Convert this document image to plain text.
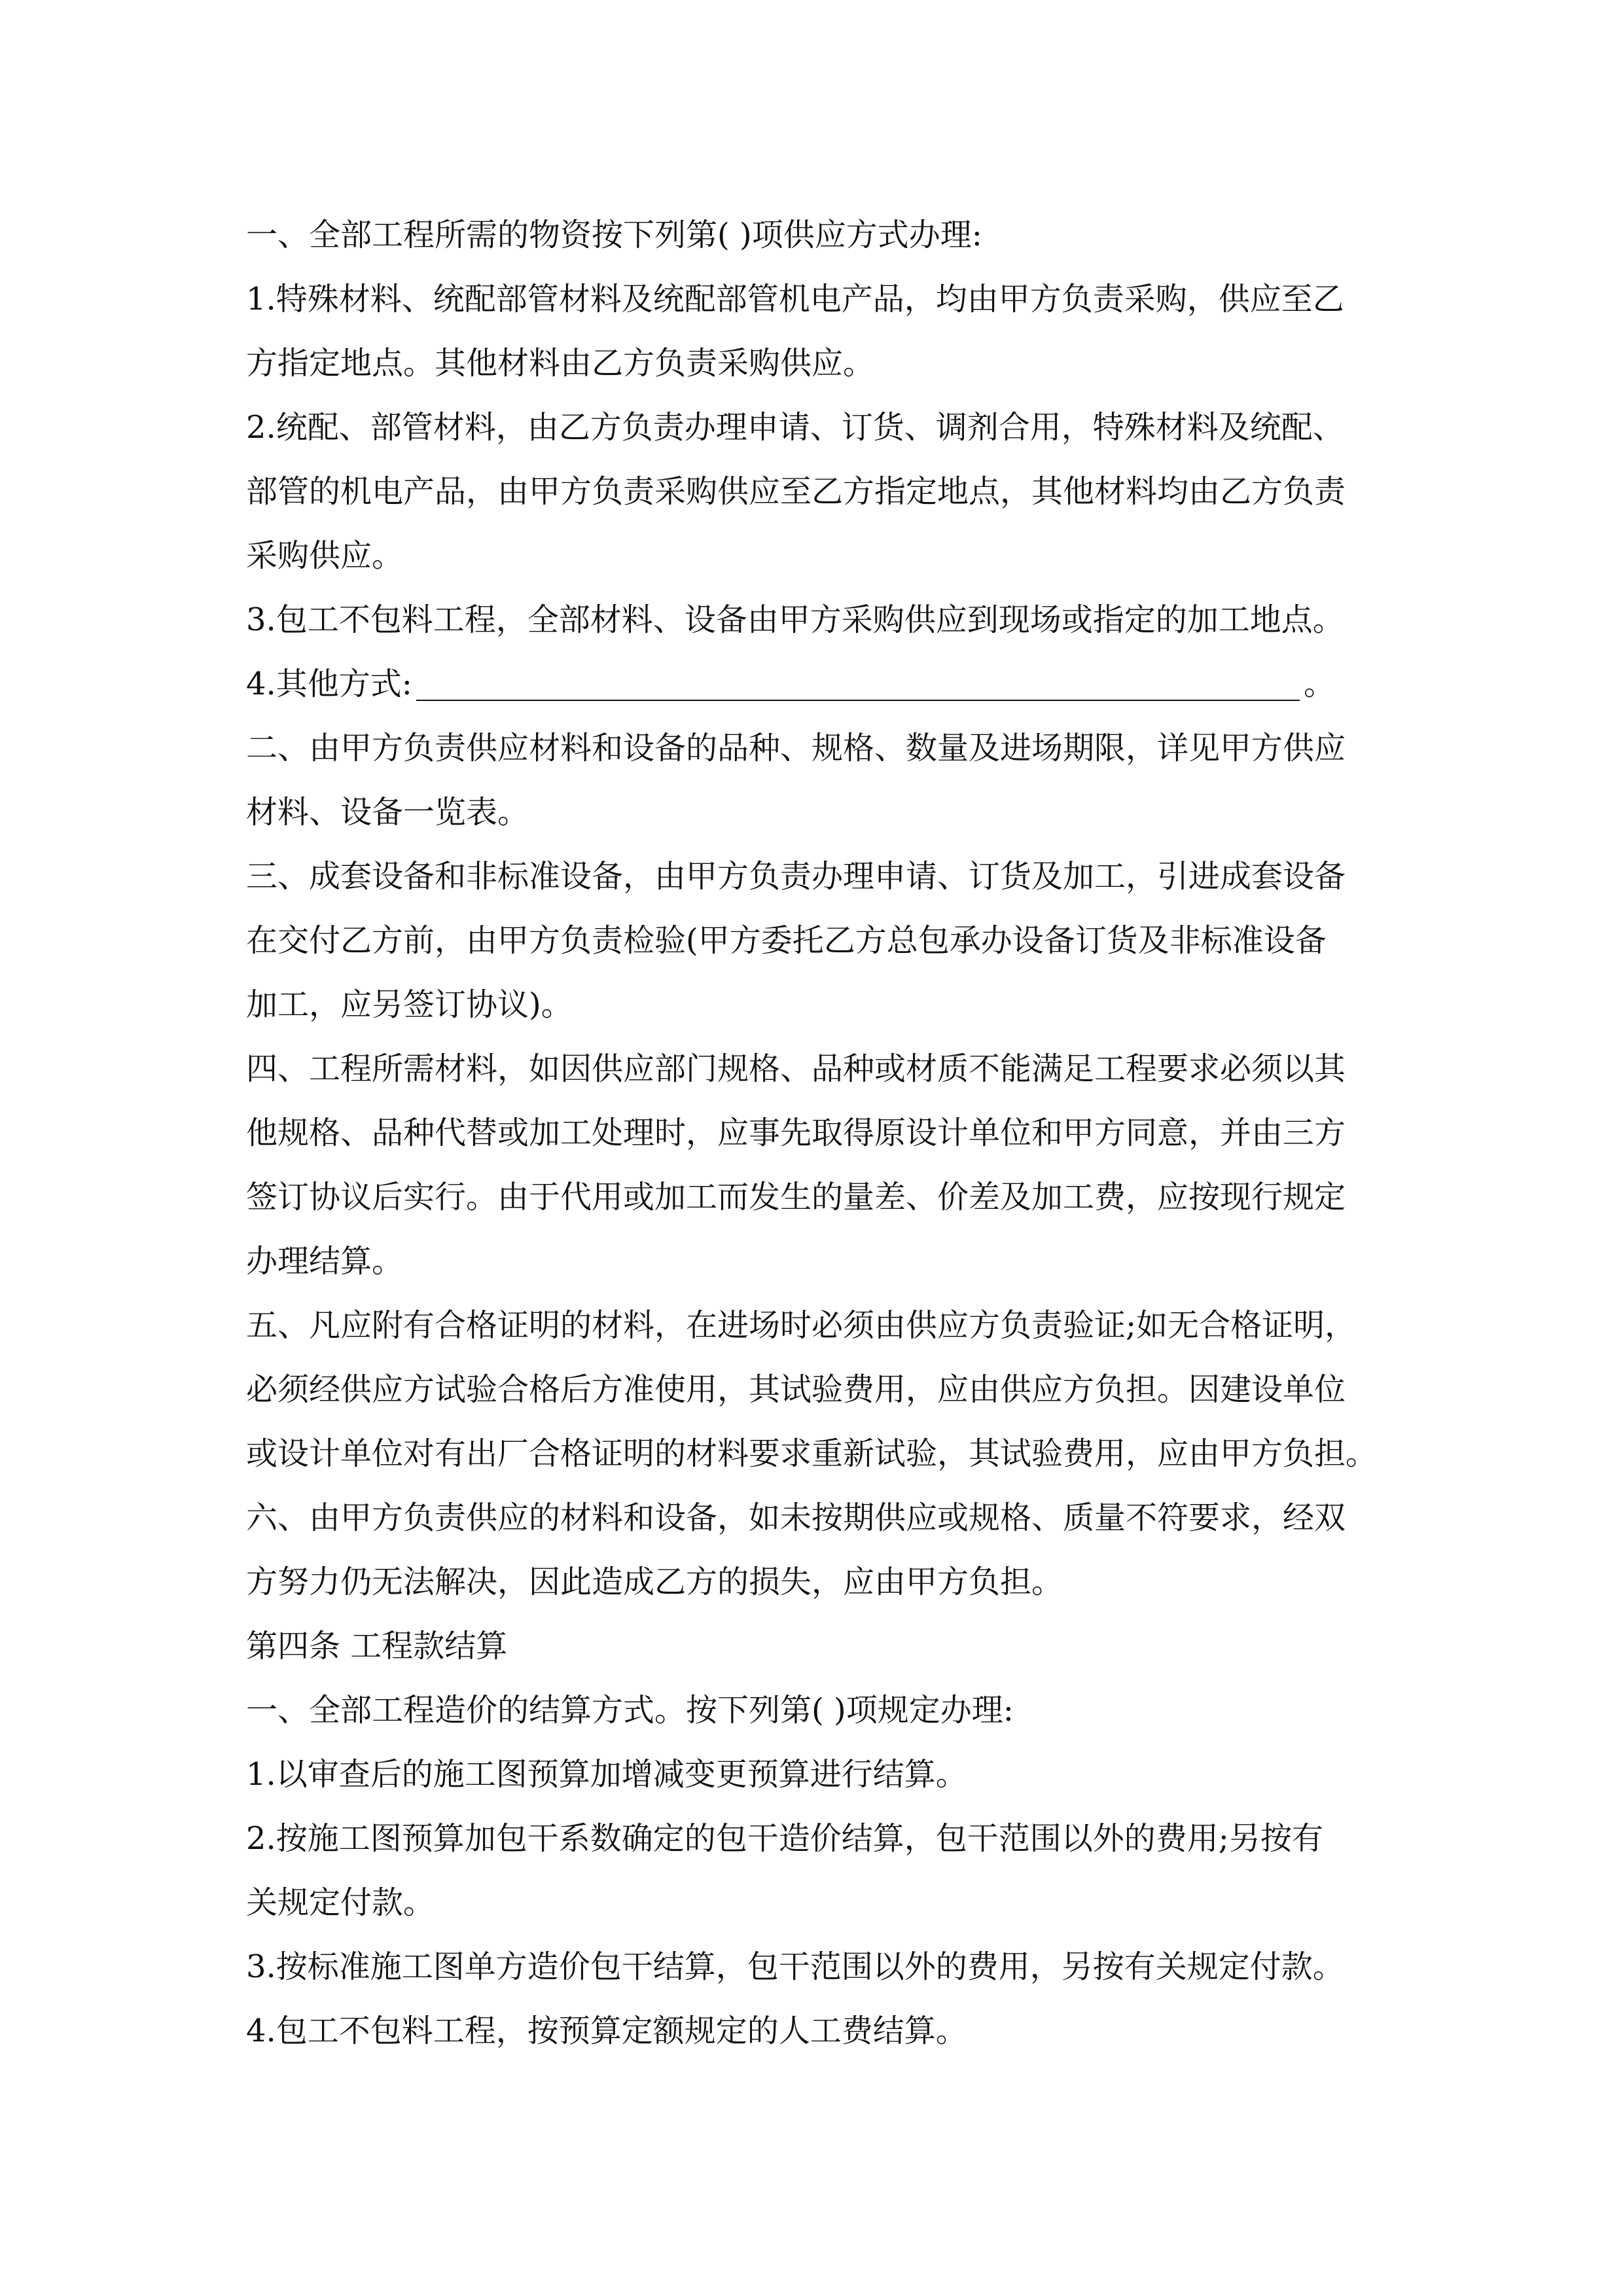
一、全部工程所需的物资按下列第( )项供应方式办理:
1.特殊材料、统配部管材料及统配部管机电产品，均由甲方负责采购，供应至乙
方指定地点。其他材料由乙方负责采购供应。
2.统配、部管材料，由乙方负责办理申请、订货、调剂合用，特殊材料及统配、
部管的机电产品，由甲方负责采购供应至乙方指定地点，其他材料均由乙方负责
采购供应。
3.包工不包料工程，全部材料、设备由甲方采购供应到现场或指定的加工地点。
4.其他方式:	。
二、由甲方负责供应材料和设备的品种、规格、数量及进场期限，详见甲方供应
材料、设备一览表。
三、成套设备和非标准设备，由甲方负责办理申请、订货及加工，引进成套设备
在交付乙方前，由甲方负责检验(甲方委托乙方总包承办设备订货及非标准设备
加工，应另签订协议)。
四、工程所需材料，如因供应部门规格、品种或材质不能满足工程要求必须以其
他规格、品种代替或加工处理时，应事先取得原设计单位和甲方同意，并由三方
签订协议后实行。由于代用或加工而发生的量差、价差及加工费，应按现行规定
办理结算。
五、凡应附有合格证明的材料，在进场时必须由供应方负责验证;如无合格证明，
必须经供应方试验合格后方准使用，其试验费用，应由供应方负担。因建设单位
或设计单位对有出厂合格证明的材料要求重新试验，其试验费用，应由甲方负担。
六、由甲方负责供应的材料和设备，如未按期供应或规格、质量不符要求，经双
方努力仍无法解决，因此造成乙方的损失，应由甲方负担。
第四条 工程款结算
一、全部工程造价的结算方式。按下列第( )项规定办理:
1.以审查后的施工图预算加增减变更预算进行结算。
2.按施工图预算加包干系数确定的包干造价结算，包干范围以外的费用;另按有
关规定付款。
3.按标准施工图单方造价包干结算，包干范围以外的费用，另按有关规定付款。
4.包工不包料工程，按预算定额规定的人工费结算。
